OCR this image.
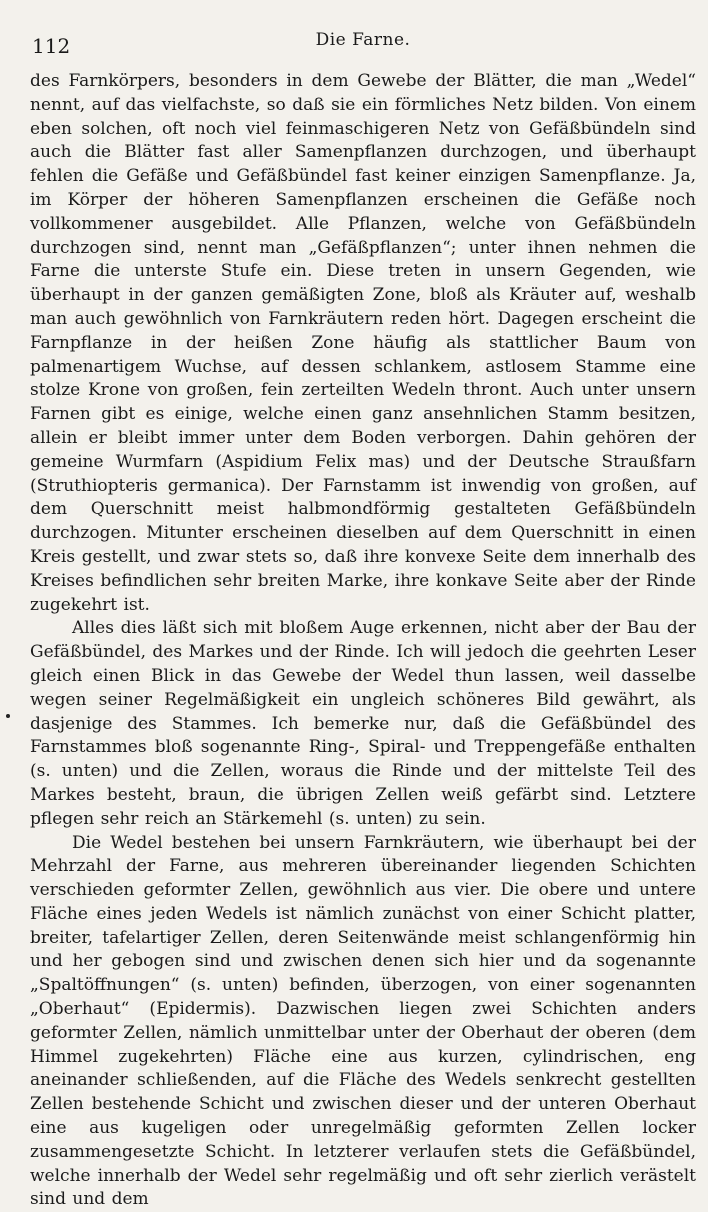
112	Die Farne.

des Farnkörpers, besonders in dem Gewebe der Blätter, die man „Wedel“ nennt, auf das vielfachste, so daß sie ein förmliches Netz bilden. Von einem eben solchen, oft noch viel feinmaschigeren Netz von Gefäßbündeln sind auch die Blätter fast aller Samenpflanzen durchzogen, und überhaupt fehlen die Gefäße und Gefäßbündel fast keiner einzigen Samenpflanze. Ja, im Körper der höheren Samenpflanzen erscheinen die Gefäße noch vollkommener ausgebildet. Alle Pflanzen, welche von Gefäßbündeln durchzogen sind, nennt man „Gefäßpflanzen“; unter ihnen nehmen die Farne die unterste Stufe ein. Diese treten in unsern Gegenden, wie überhaupt in der ganzen gemäßigten Zone, bloß als Kräuter auf, weshalb man auch gewöhnlich von Farnkräutern reden hört. Dagegen erscheint die Farnpflanze in der heißen Zone häufig als stattlicher Baum von palmenartigem Wuchse, auf dessen schlankem, astlosem Stamme eine stolze Krone von großen, fein zerteilten Wedeln thront. Auch unter unsern Farnen gibt es einige, welche einen ganz ansehnlichen Stamm besitzen, allein er bleibt immer unter dem Boden verborgen. Dahin gehören der gemeine Wurmfarn (Aspidium Felix mas) und der Deutsche Straußfarn (Struthiopteris germanica). Der Farnstamm ist inwendig von großen, auf dem Querschnitt meist halbmondförmig gestalteten Gefäßbündeln durchzogen. Mitunter erscheinen dieselben auf dem Querschnitt in einen Kreis gestellt, und zwar stets so, daß ihre konvexe Seite dem innerhalb des Kreises befindlichen sehr breiten Marke, ihre konkave Seite aber der Rinde zugekehrt ist.

Alles dies läßt sich mit bloßem Auge erkennen, nicht aber der Bau der Gefäßbündel, des Markes und der Rinde. Ich will jedoch die geehrten Leser gleich einen Blick in das Gewebe der Wedel thun lassen, weil dasselbe wegen seiner Regelmäßigkeit ein ungleich schöneres Bild gewährt, als dasjenige des Stammes. Ich bemerke nur, daß die Gefäßbündel des Farnstammes bloß sogenannte Ring-, Spiral- und Treppengefäße enthalten (s. unten) und die Zellen, woraus die Rinde und der mittelste Teil des Markes besteht, braun, die übrigen Zellen weiß gefärbt sind. Letztere pflegen sehr reich an Stärkemehl (s. unten) zu sein.

Die Wedel bestehen bei unsern Farnkräutern, wie überhaupt bei der Mehrzahl der Farne, aus mehreren übereinander liegenden Schichten verschieden geformter Zellen, gewöhnlich aus vier. Die obere und untere Fläche eines jeden Wedels ist nämlich zunächst von einer Schicht platter, breiter, tafelartiger Zellen, deren Seitenwände meist schlangenförmig hin und her gebogen sind und zwischen denen sich hier und da sogenannte „Spaltöffnungen“ (s. unten) befinden, überzogen, von einer sogenannten „Oberhaut“ (Epidermis). Dazwischen liegen zwei Schichten anders geformter Zellen, nämlich unmittelbar unter der Oberhaut der oberen (dem Himmel zugekehrten) Fläche eine aus kurzen, cylindrischen, eng aneinander schließenden, auf die Fläche des Wedels senkrecht gestellten Zellen bestehende Schicht und zwischen dieser und der unteren Oberhaut eine aus kugeligen oder unregelmäßig geformten Zellen locker zusammengesetzte Schicht. In letzterer verlaufen stets die Gefäßbündel, welche innerhalb der Wedel sehr regelmäßig und oft sehr zierlich verästelt sind und dem
